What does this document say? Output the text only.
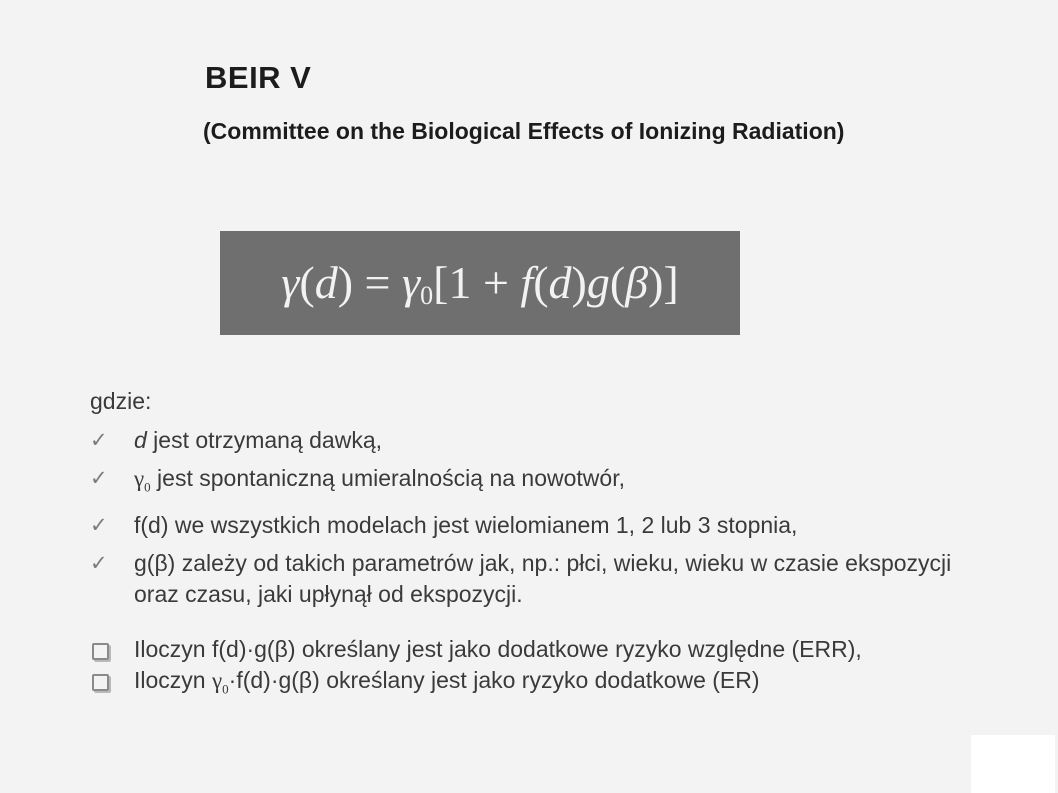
BEIR V
(Committee on the Biological Effects of Ionizing Radiation)
$\gamma(d) = \gamma_0[1 + f(d)g(\beta)]$
gdzie:
✓ d jest otrzymaną dawką,
✓ $\gamma_0$ jest spontaniczną umieralnością na nowotwór,
✓ f(d) we wszystkich modelach jest wielomianem 1, 2 lub 3 stopnia,
✓ g(β) zależy od takich parametrów jak, np.: płci, wieku, wieku w czasie ekspozycji oraz czasu, jaki upłynął od ekspozycji.
Iloczyn f(d)·g(β) określany jest jako dodatkowe ryzyko względne (ERR),
Iloczyn $\gamma_0\cdot f(d)\cdot g(\beta)$ określany jest jako ryzyko dodatkowe (ER)
